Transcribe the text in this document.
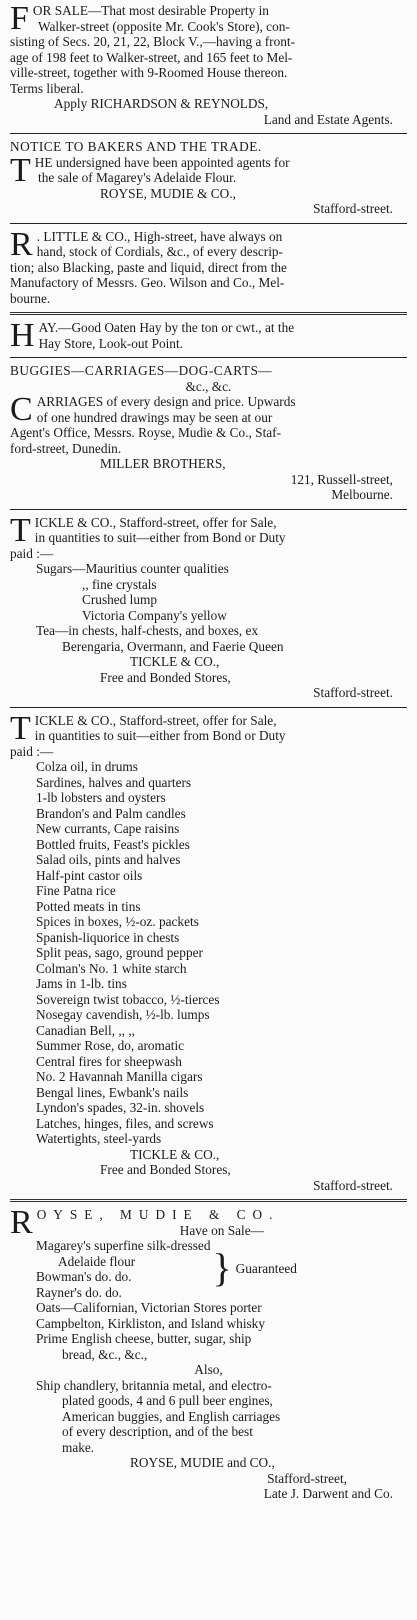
F OR SALE—That most desirable Property in

Walker-street (opposite Mr. Cook's Store), con-

sisting of Secs. 20, 21, 22, Block V.,—having a front-

age of 198 feet to Walker-street, and 165 feet to Mel-

ville-street, together with 9-Roomed House thereon.

Terms liberal.

Apply RICHARDSON & REYNOLDS,

Land and Estate Agents.

NOTICE TO BAKERS AND THE TRADE.

T HE undersigned have been appointed agents for

the sale of Magarey's Adelaide Flour.

ROYSE, MUDIE & CO.,

Stafford-street.

R . LITTLE & CO., High-street, have always on

hand, stock of Cordials, &c., of every descrip-

tion; also Blacking, paste and liquid, direct from the

Manufactory of Messrs. Geo. Wilson and Co., Mel-

bourne.

H AY.—Good Oaten Hay by the ton or cwt., at the

Hay Store, Look-out Point.

BUGGIES—CARRIAGES—DOG-CARTS—

&c., &c.

C ARRIAGES of every design and price. Upwards

of one hundred drawings may be seen at our

Agent's Office, Messrs. Royse, Mudie & Co., Staf-

ford-street, Dunedin.

MILLER BROTHERS,

121, Russell-street,

Melbourne.

T ICKLE & CO., Stafford-street, offer for Sale,

in quantities to suit—either from Bond or Duty

paid :—

Sugars—Mauritius counter qualities

,, fine crystals

Crushed lump

Victoria Company's yellow

Tea—in chests, half-chests, and boxes, ex

Berengaria, Overmann, and Faerie Queen

TICKLE & CO.,

Free and Bonded Stores,

Stafford-street.

T ICKLE & CO., Stafford-street, offer for Sale,

in quantities to suit—either from Bond or Duty

paid :—

Colza oil, in drums

Sardines, halves and quarters

1-lb lobsters and oysters

Brandon's and Palm candles

New currants, Cape raisins

Bottled fruits, Feast's pickles

Salad oils, pints and halves

Half-pint castor oils

Fine Patna rice

Potted meats in tins

Spices in boxes, ½-oz. packets

Spanish-liquorice in chests

Split peas, sago, ground pepper

Colman's No. 1 white starch

Jams in 1-lb. tins

Sovereign twist tobacco, ½-tierces

Nosegay cavendish, ½-lb. lumps

Canadian Bell, ,, ,,

Summer Rose, do, aromatic

Central fires for sheepwash

No. 2 Havannah Manilla cigars

Bengal lines, Ewbank's nails

Lyndon's spades, 32-in. shovels

Latches, hinges, files, and screws

Watertights, steel-yards

TICKLE & CO.,

Free and Bonded Stores,

Stafford-street.

R OYSE, MUDIE & CO.

Have on Sale—

Magarey's superfine silk-dressed

Adelaide flour

Bowman's do. do.

Rayner's do. do.

} Guaranteed

Oats—Californian, Victorian Stores porter

Campbelton, Kirkliston, and Island whisky

Prime English cheese, butter, sugar, ship

bread, &c., &c.,

Also,

Ship chandlery, britannia metal, and electro-

plated goods, 4 and 6 pull beer engines,

American buggies, and English carriages

of every description, and of the best

make.

ROYSE, MUDIE and CO.,

Stafford-street,

Late J. Darwent and Co.
